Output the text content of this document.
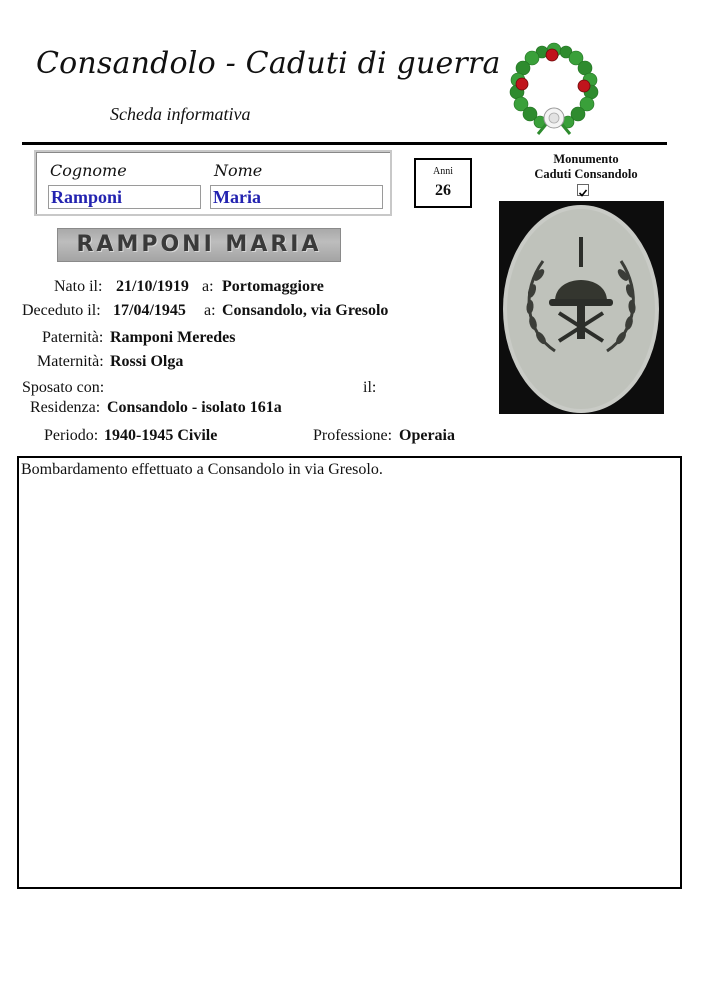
Consandolo - Caduti di guerra
Scheda informativa
Cognome
Ramponi
Nome
Maria
Anni
26
Monumento
Caduti Consandolo
RAMPONI MARIA
Nato il: 21/10/1919 a: Portomaggiore
Deceduto il: 17/04/1945 a: Consandolo, via Gresolo
Paternità: Ramponi Meredes
Maternità: Rossi Olga
Sposato con:	il:
Residenza: Consandolo - isolato 161a
Periodo: 1940-1945 Civile	Professione: Operaia
Bombardamento effettuato a Consandolo in via Gresolo.
